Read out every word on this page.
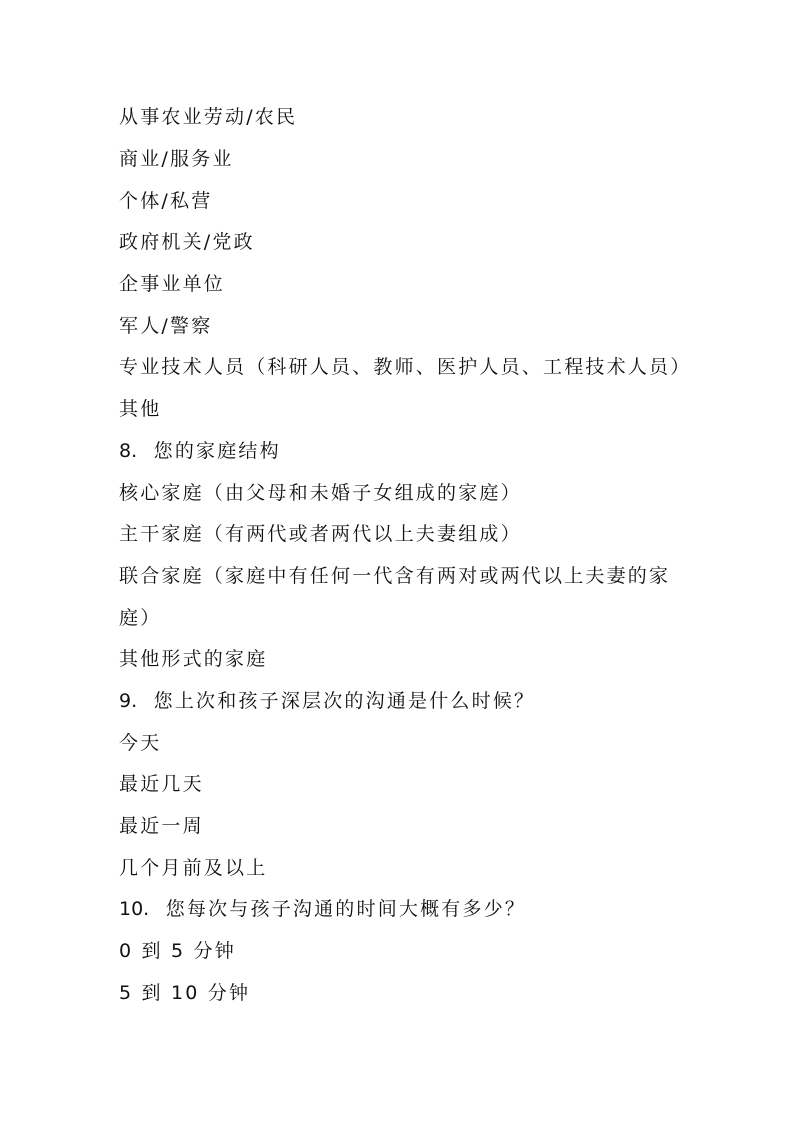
从事农业劳动/农民

商业/服务业

个体/私营

政府机关/党政

企事业单位

军人/警察

专业技术人员（科研人员、教师、医护人员、工程技术人员）

其他

8. 您的家庭结构

核心家庭（由父母和未婚子女组成的家庭）

主干家庭（有两代或者两代以上夫妻组成）

联合家庭（家庭中有任何一代含有两对或两代以上夫妻的家

庭）

其他形式的家庭

9. 您上次和孩子深层次的沟通是什么时候？

今天

最近几天

最近一周

几个月前及以上

10. 您每次与孩子沟通的时间大概有多少？

0 到 5 分钟

5 到 10 分钟
